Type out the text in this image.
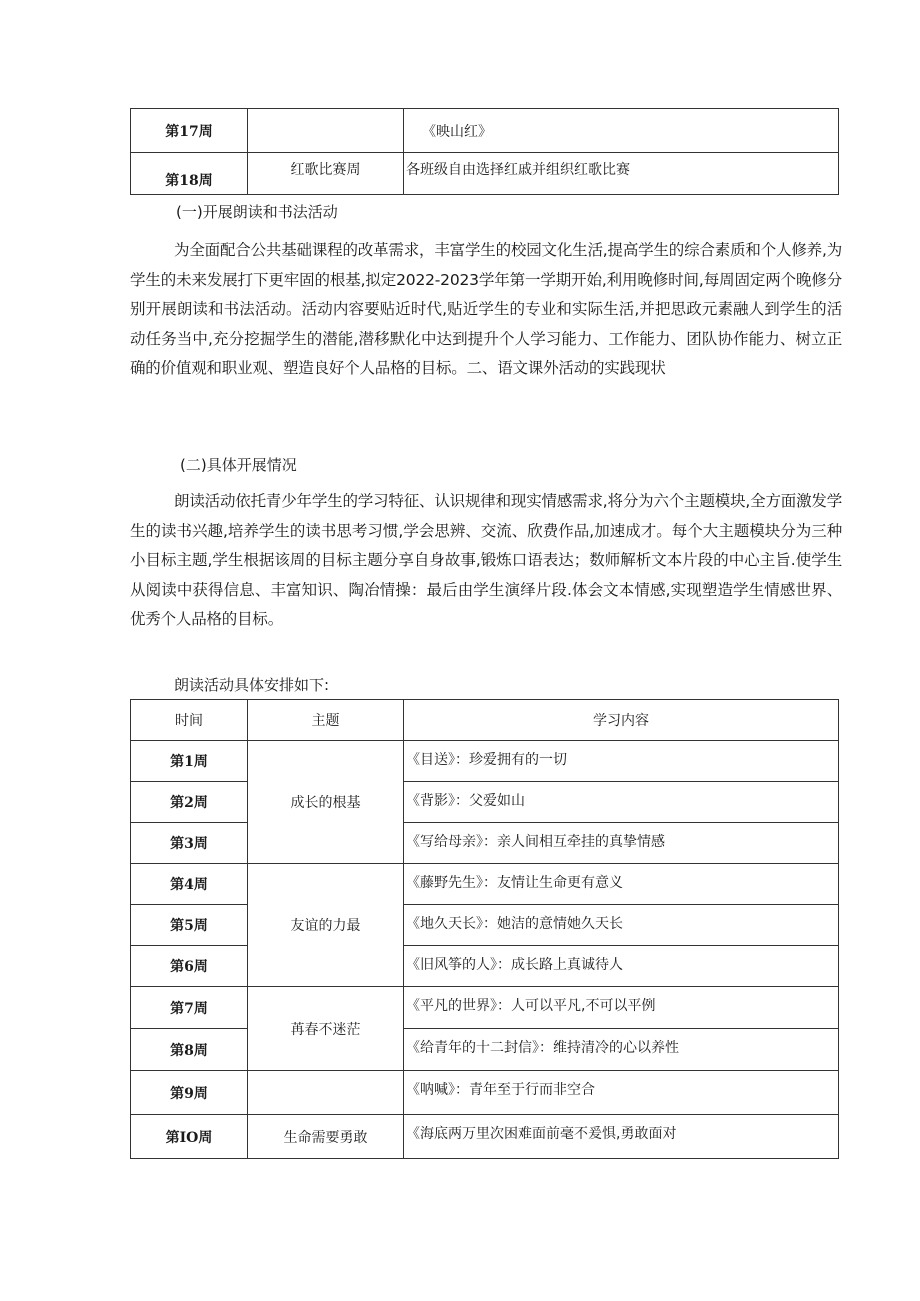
第17周		《映山红》
第18周	红歌比赛周	各班级自由选择红戚并组织红歌比赛
(一)开展朗读和书法活动
为全面配合公共基础课程的改革需求，丰富学生的校园文化生活,提高学生的综合素质和个人修养,为学生的未来发展打下更牢固的根基,拟定2022-2023学年第一学期开始,利用晚修时间,每周固定两个晚修分别开展朗读和书法活动。活动内容要贴近时代,贴近学生的专业和实际生活,并把思政元素融人到学生的活动任务当中,充分挖掘学生的潜能,潜移默化中达到提升个人学习能力、工作能力、团队协作能力、树立正确的价值观和职业观、塑造良好个人品格的目标。二、语文课外活动的实践现状
(二)具体开展情况
朗读活动依托青少年学生的学习特征、认识规律和现实情感需求,将分为六个主题模块,全方面激发学生的读书兴趣,培养学生的读书思考习惯,学会思辨、交流、欣费作品,加速成才。每个大主题模块分为三种小目标主题,学生根据该周的目标主题分享自身故事,锻炼口语表达；数师解析文本片段的中心主旨.使学生从阅读中获得信息、丰富知识、陶冶情操：最后由学生演绎片段.体会文本情感,实现塑造学生情感世界、优秀个人品格的目标。
朗读活动具体安排如下:
时间	主题	学习内容
第1周	成长的根基	《目送》：珍爱拥有的一切
第2周		《背影》：父爱如山
第3周		《写给母亲》：亲人间相互牵挂的真挚情感
第4周	友谊的力最	《藤野先生》：友情让生命更有意义
第5周		《地久天长》：她洁的意情她久天长
第6周		《旧风筝的人》：成长路上真诚待人
第7周	苒春不迷茫	《平凡的世界》：人可以平凡,不可以平例
第8周		《给青年的十二封信》：维持清冷的心以养性
第9周		《呐喊》：青年至于行而非空合
第IO周	生命需要勇敢	《海底两万里次困难面前毫不爰惧,勇敢面对
